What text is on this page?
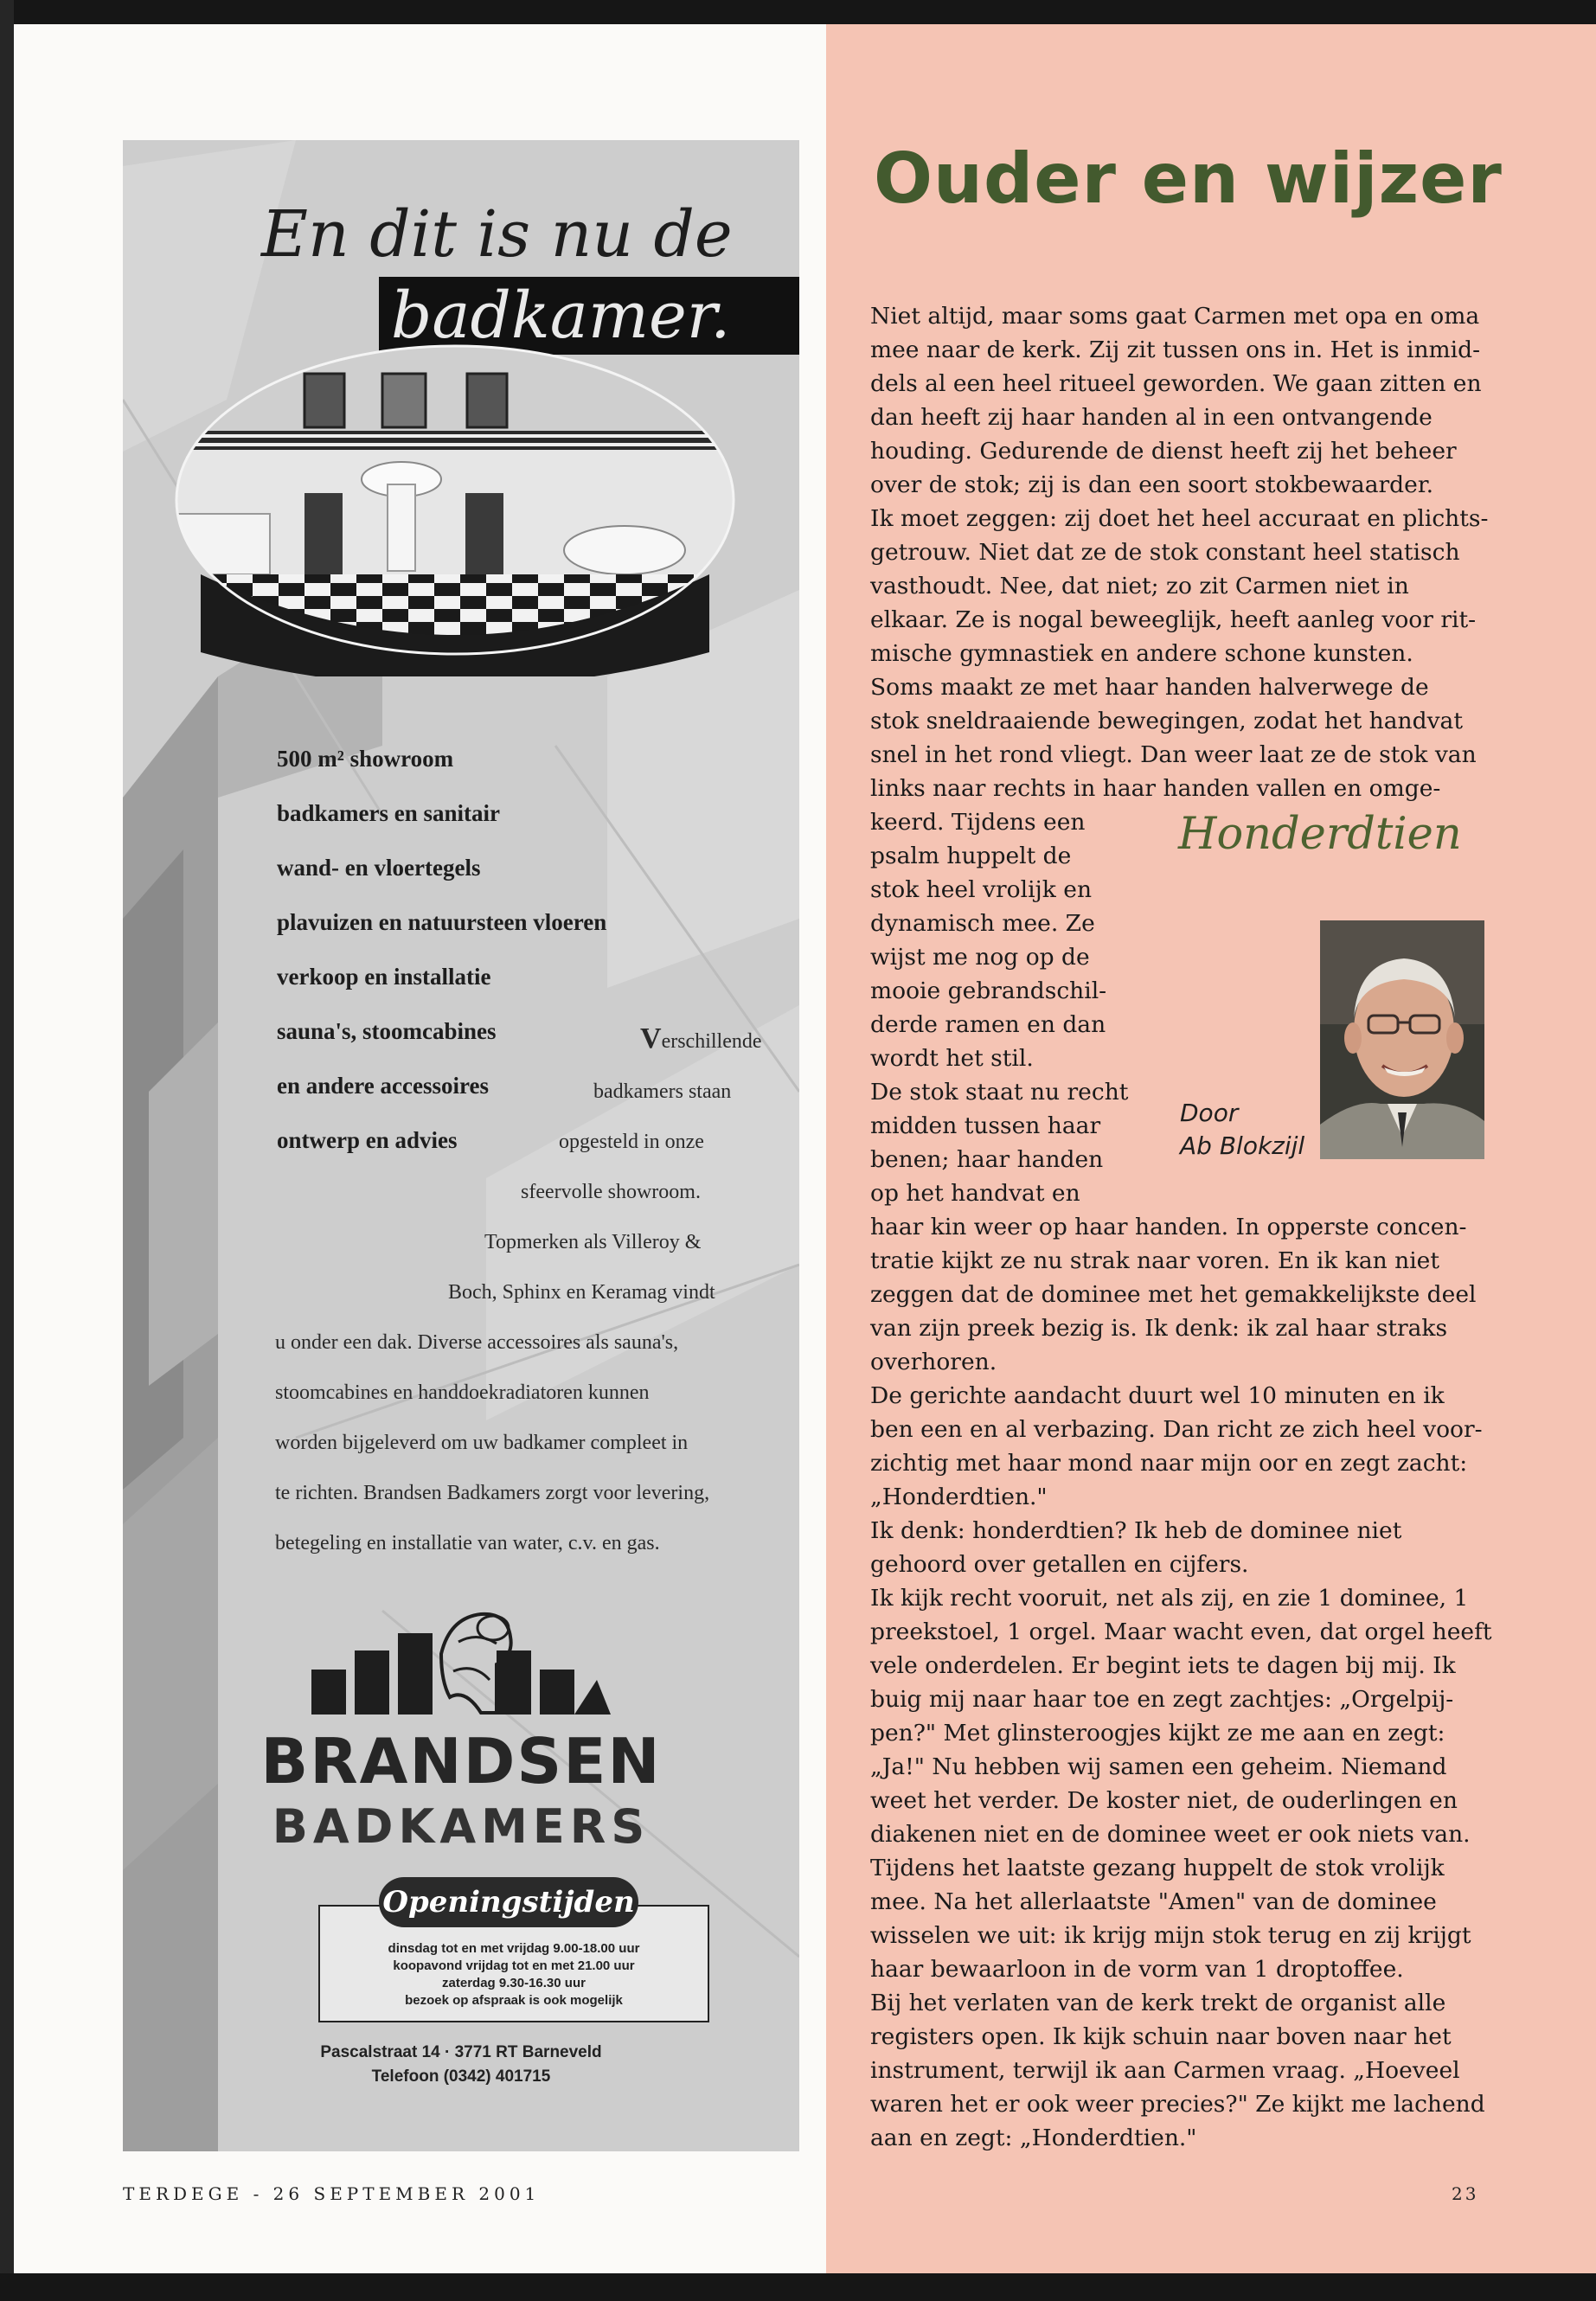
En dit is nu de
badkamer.
500 m² showroom
badkamers en sanitair
wand- en vloertegels
plavuizen en natuursteen vloeren
verkoop en installatie
sauna's, stoomcabines
en andere accessoires
ontwerp en advies
Verschillende
badkamers staan
opgesteld in onze
sfeervolle showroom.
Topmerken als Villeroy &
Boch, Sphinx en Keramag vindt
u onder een dak. Diverse accessoires als sauna's,
stoomcabines en handdoekradiatoren kunnen
worden bijgeleverd om uw badkamer compleet in
te richten. Brandsen Badkamers zorgt voor levering,
betegeling en installatie van water, c.v. en gas.
BRANDSEN
BADKAMERS
dinsdag tot en met vrijdag 9.00-18.00 uur
koopavond vrijdag tot en met 21.00 uur
zaterdag 9.30-16.30 uur
bezoek op afspraak is ook mogelijk
Openingstijden
Pascalstraat 14 · 3771 RT Barneveld
Telefoon (0342) 401715
Ouder en wijzer
Niet altijd, maar soms gaat Carmen met opa en oma
mee naar de kerk. Zij zit tussen ons in. Het is inmid-
dels al een heel ritueel geworden. We gaan zitten en
dan heeft zij haar handen al in een ontvangende
houding. Gedurende de dienst heeft zij het beheer
over de stok; zij is dan een soort stokbewaarder.
Ik moet zeggen: zij doet het heel accuraat en plichts-
getrouw. Niet dat ze de stok constant heel statisch
vasthoudt. Nee, dat niet; zo zit Carmen niet in
elkaar. Ze is nogal beweeglijk, heeft aanleg voor rit-
mische gymnastiek en andere schone kunsten.
Soms maakt ze met haar handen halverwege de
stok sneldraaiende bewegingen, zodat het handvat
snel in het rond vliegt. Dan weer laat ze de stok van
links naar rechts in haar handen vallen en omge-
keerd. Tijdens een
psalm huppelt de
stok heel vrolijk en
dynamisch mee. Ze
wijst me nog op de
mooie gebrandschil-
derde ramen en dan
wordt het stil.
De stok staat nu recht
midden tussen haar
benen; haar handen
op het handvat en
haar kin weer op haar handen. In opperste concen-
tratie kijkt ze nu strak naar voren. En ik kan niet
zeggen dat de dominee met het gemakkelijkste deel
van zijn preek bezig is. Ik denk: ik zal haar straks
overhoren.
De gerichte aandacht duurt wel 10 minuten en ik
ben een en al verbazing. Dan richt ze zich heel voor-
zichtig met haar mond naar mijn oor en zegt zacht:
„Honderdtien."
Ik denk: honderdtien? Ik heb de dominee niet
gehoord over getallen en cijfers.
Ik kijk recht vooruit, net als zij, en zie 1 dominee, 1
preekstoel, 1 orgel. Maar wacht even, dat orgel heeft
vele onderdelen. Er begint iets te dagen bij mij. Ik
buig mij naar haar toe en zegt zachtjes: „Orgelpij-
pen?" Met glinsteroogjes kijkt ze me aan en zegt:
„Ja!" Nu hebben wij samen een geheim. Niemand
weet het verder. De koster niet, de ouderlingen en
diakenen niet en de dominee weet er ook niets van.
Tijdens het laatste gezang huppelt de stok vrolijk
mee. Na het allerlaatste "Amen" van de dominee
wisselen we uit: ik krijg mijn stok terug en zij krijgt
haar bewaarloon in de vorm van 1 droptoffee.
Bij het verlaten van de kerk trekt de organist alle
registers open. Ik kijk schuin naar boven naar het
instrument, terwijl ik aan Carmen vraag. „Hoeveel
waren het er ook weer precies?" Ze kijkt me lachend
aan en zegt: „Honderdtien."
Honderdtien
Door
Ab Blokzijl
TERDEGE - 26 SEPTEMBER 2001	23
